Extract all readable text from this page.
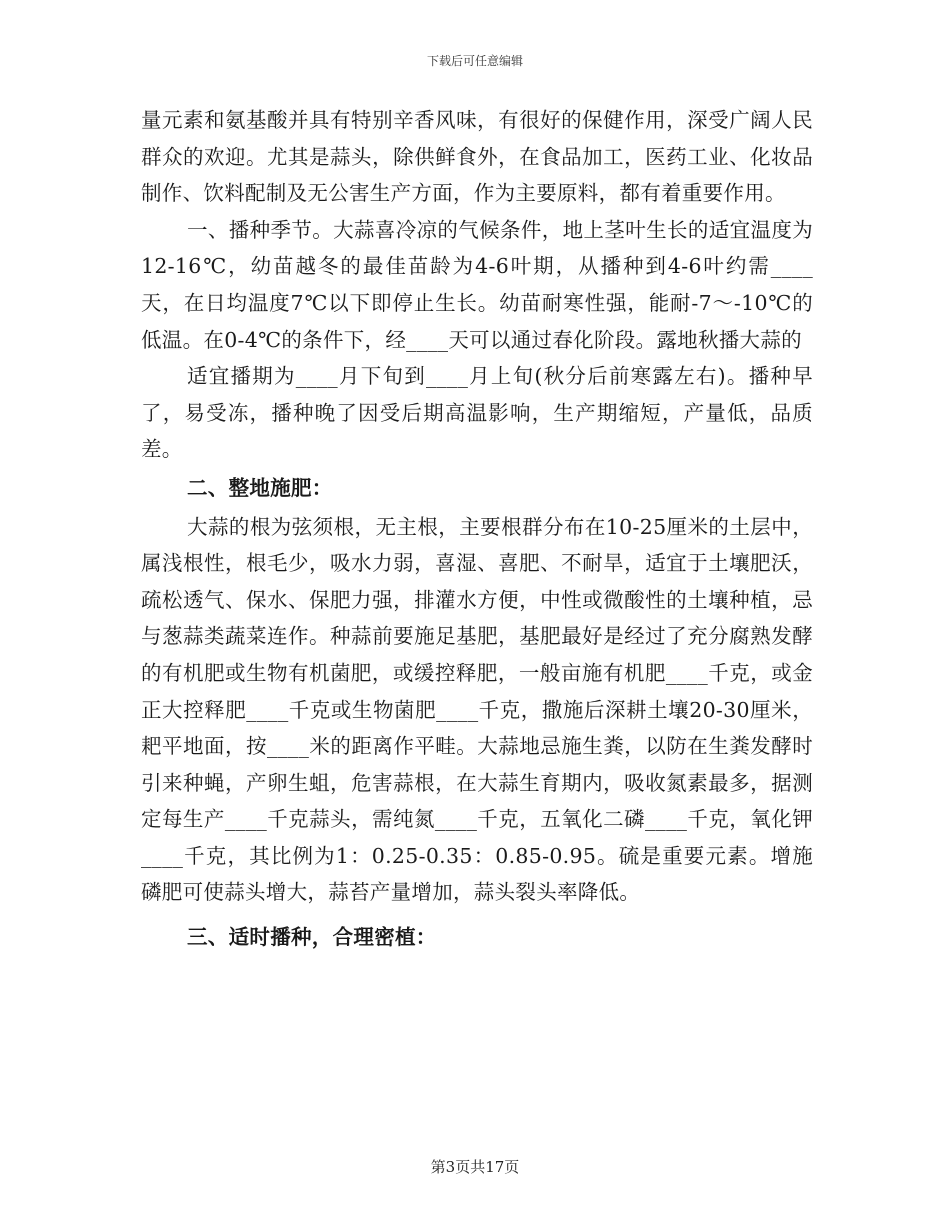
下载后可任意编辑

量元素和氨基酸并具有特别辛香风味，有很好的保健作用，深受广阔人民群众的欢迎。尤其是蒜头，除供鲜食外，在食品加工，医药工业、化妆品制作、饮料配制及无公害生产方面，作为主要原料，都有着重要作用。

一、播种季节。大蒜喜冷凉的气候条件，地上茎叶生长的适宜温度为12-16℃，幼苗越冬的最佳苗龄为4-6叶期，从播种到4-6叶约需____天，在日均温度7℃以下即停止生长。幼苗耐寒性强，能耐-7～-10℃的低温。在0-4℃的条件下，经____天可以通过春化阶段。露地秋播大蒜的

适宜播期为____月下旬到____月上旬(秋分后前寒露左右)。播种早了，易受冻，播种晚了因受后期高温影响，生产期缩短，产量低，品质差。

二、整地施肥：

大蒜的根为弦须根，无主根，主要根群分布在10-25厘米的土层中，属浅根性，根毛少，吸水力弱，喜湿、喜肥、不耐旱，适宜于土壤肥沃，疏松透气、保水、保肥力强，排灌水方便，中性或微酸性的土壤种植，忌与葱蒜类蔬菜连作。种蒜前要施足基肥，基肥最好是经过了充分腐熟发酵的有机肥或生物有机菌肥，或缓控释肥，一般亩施有机肥____千克，或金正大控释肥____千克或生物菌肥____千克，撒施后深耕土壤20-30厘米，耙平地面，按____米的距离作平畦。大蒜地忌施生粪，以防在生粪发酵时引来种蝇，产卵生蛆，危害蒜根，在大蒜生育期内，吸收氮素最多，据测定每生产____千克蒜头，需纯氮____千克，五氧化二磷____千克，氧化钾____千克，其比例为1：0.25-0.35：0.85-0.95。硫是重要元素。增施磷肥可使蒜头增大，蒜苔产量增加，蒜头裂头率降低。

三、适时播种，合理密植：

第3页共17页
